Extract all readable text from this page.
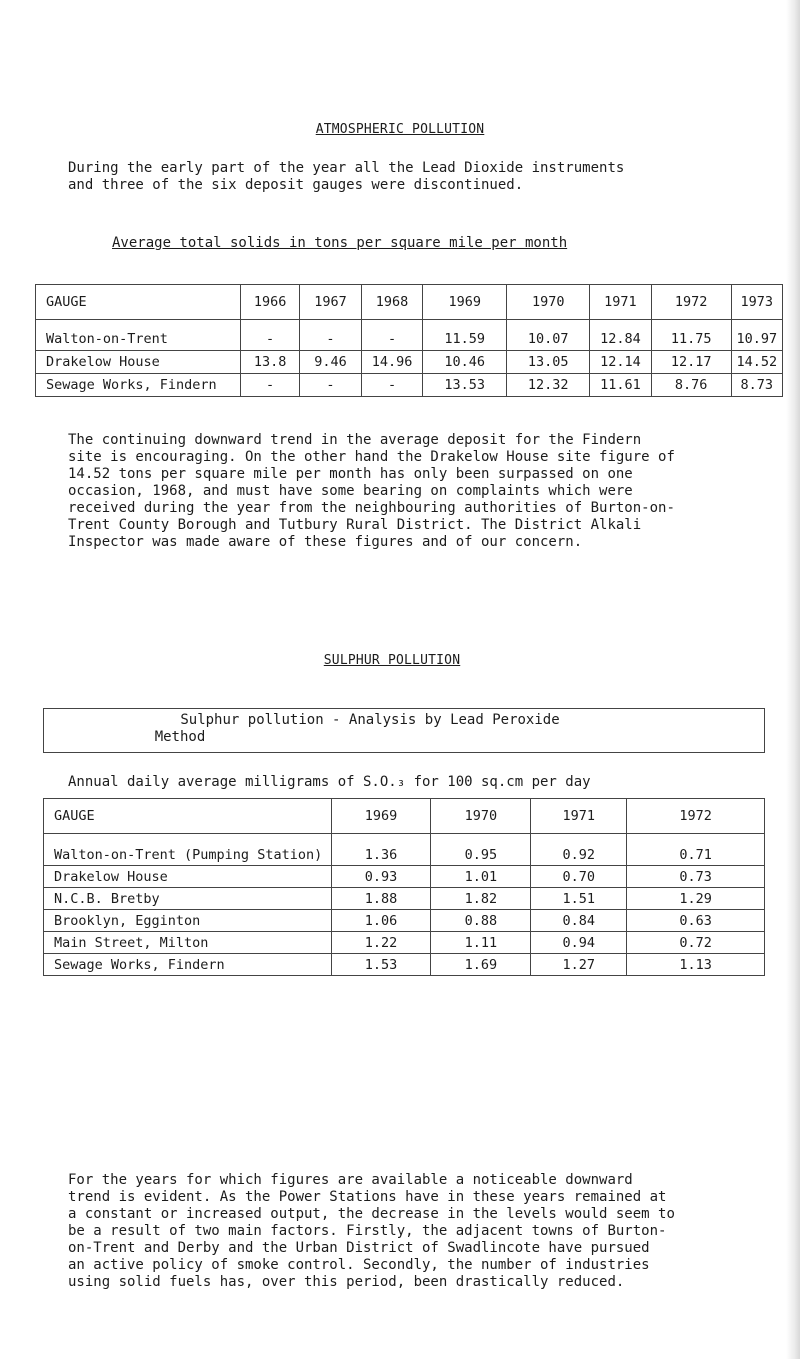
ATMOSPHERIC POLLUTION
During the early part of the year all the Lead Dioxide instruments
and three of the six deposit gauges were discontinued.
Average total solids in tons per square mile per month
GAUGE	1966	1967	1968	1969	1970	1971	1972	1973
Walton-on-Trent	-	-	-	11.59	10.07	12.84	11.75	10.97
Drakelow House	13.8	9.46	14.96	10.46	13.05	12.14	12.17	14.52
Sewage Works, Findern	-	-	-	13.53	12.32	11.61	8.76	8.73
The continuing downward trend in the average deposit for the Findern
site is encouraging. On the other hand the Drakelow House site figure of
14.52 tons per square mile per month has only been surpassed on one
occasion, 1968, and must have some bearing on complaints which were
received during the year from the neighbouring authorities of Burton-on-
Trent County Borough and Tutbury Rural District. The District Alkali
Inspector was made aware of these figures and of our concern.
SULPHUR POLLUTION
Sulphur pollution - Analysis by Lead Peroxide
Method
Annual daily average milligrams of S.O.₃ for 100 sq.cm per day
GAUGE	1969	1970	1971	1972
Walton-on-Trent (Pumping Station)	1.36	0.95	0.92	0.71
Drakelow House	0.93	1.01	0.70	0.73
N.C.B. Bretby	1.88	1.82	1.51	1.29
Brooklyn, Egginton	1.06	0.88	0.84	0.63
Main Street, Milton	1.22	1.11	0.94	0.72
Sewage Works, Findern	1.53	1.69	1.27	1.13
For the years for which figures are available a noticeable downward
trend is evident. As the Power Stations have in these years remained at
a constant or increased output, the decrease in the levels would seem to
be a result of two main factors. Firstly, the adjacent towns of Burton-
on-Trent and Derby and the Urban District of Swadlincote have pursued
an active policy of smoke control. Secondly, the number of industries
using solid fuels has, over this period, been drastically reduced.
